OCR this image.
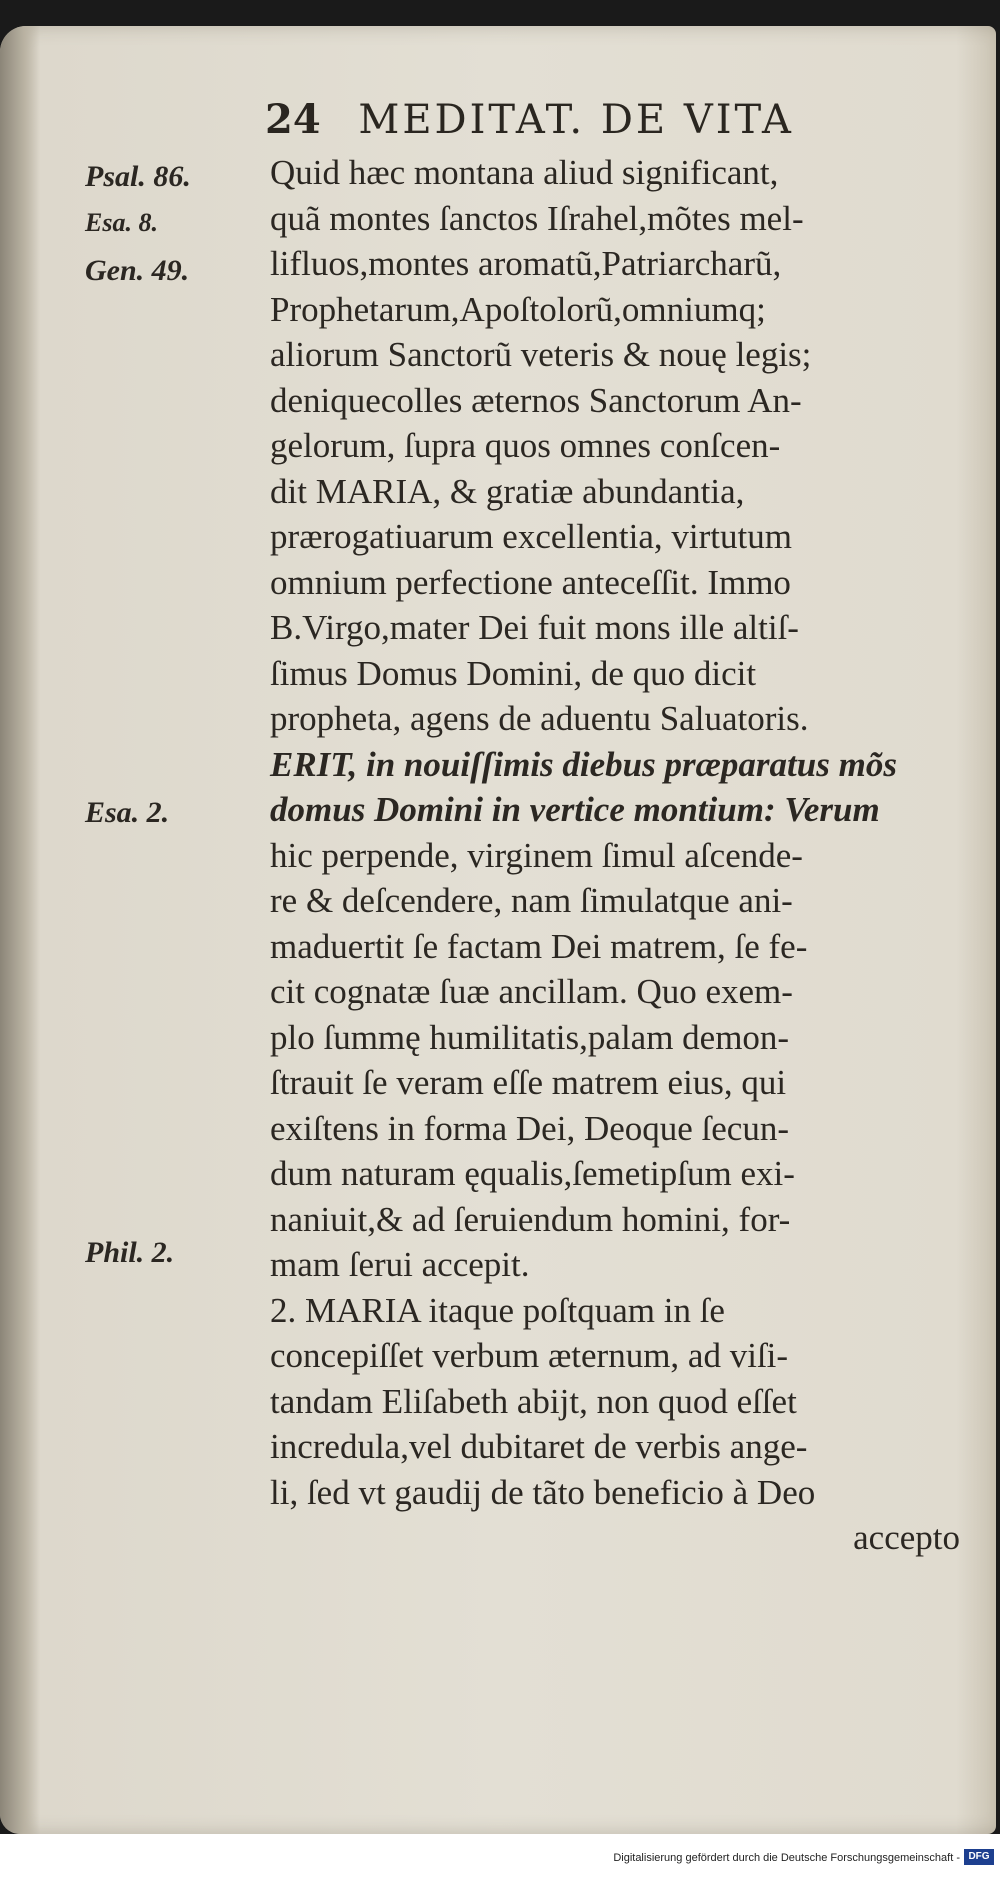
24 MEDITAT. DE VITA
Psal. 86.
Esa. 8.
Gen. 49.
Esa. 2.
Phil. 2.
Quid hæc montana aliud significant,
quã montes ſanctos Iſrahel,mõtes mel-
lifluos,montes aromatũ,Patriarcharũ,
Prophetarum,Apoſtolorũ,omniumq;
aliorum Sanctorũ veteris & nouę legis;
deniquecolles æternos Sanctorum An-
gelorum, ſupra quos omnes conſcen-
dit MARIA, & gratiæ abundantia,
prærogatiuarum excellentia, virtutum
omnium perfectione anteceſſit. Immo
B.Virgo,mater Dei fuit mons ille altiſ-
ſimus Domus Domini, de quo dicit
propheta, agens de aduentu Saluatoris.
ERIT, in nouiſſimis diebus præparatus mõs
domus Domini in vertice montium: Verum
hic perpende, virginem ſimul aſcende-
re & deſcendere, nam ſimulatque ani-
maduertit ſe factam Dei matrem, ſe fe-
cit cognatæ ſuæ ancillam. Quo exem-
plo ſummę humilitatis,palam demon-
ſtrauit ſe veram eſſe matrem eius, qui
exiſtens in forma Dei, Deoque ſecun-
dum naturam ęqualis,ſemetipſum exi-
naniuit,& ad ſeruiendum homini, for-
mam ſerui accepit.
2. MARIA itaque poſtquam in ſe
concepiſſet verbum æternum, ad viſi-
tandam Eliſabeth abijt, non quod eſſet
incredula,vel dubitaret de verbis ange-
li, ſed vt gaudij de tãto beneficio à Deo
accepto
Digitalisierung gefördert durch die Deutsche Forschungsgemeinschaft - DFG
